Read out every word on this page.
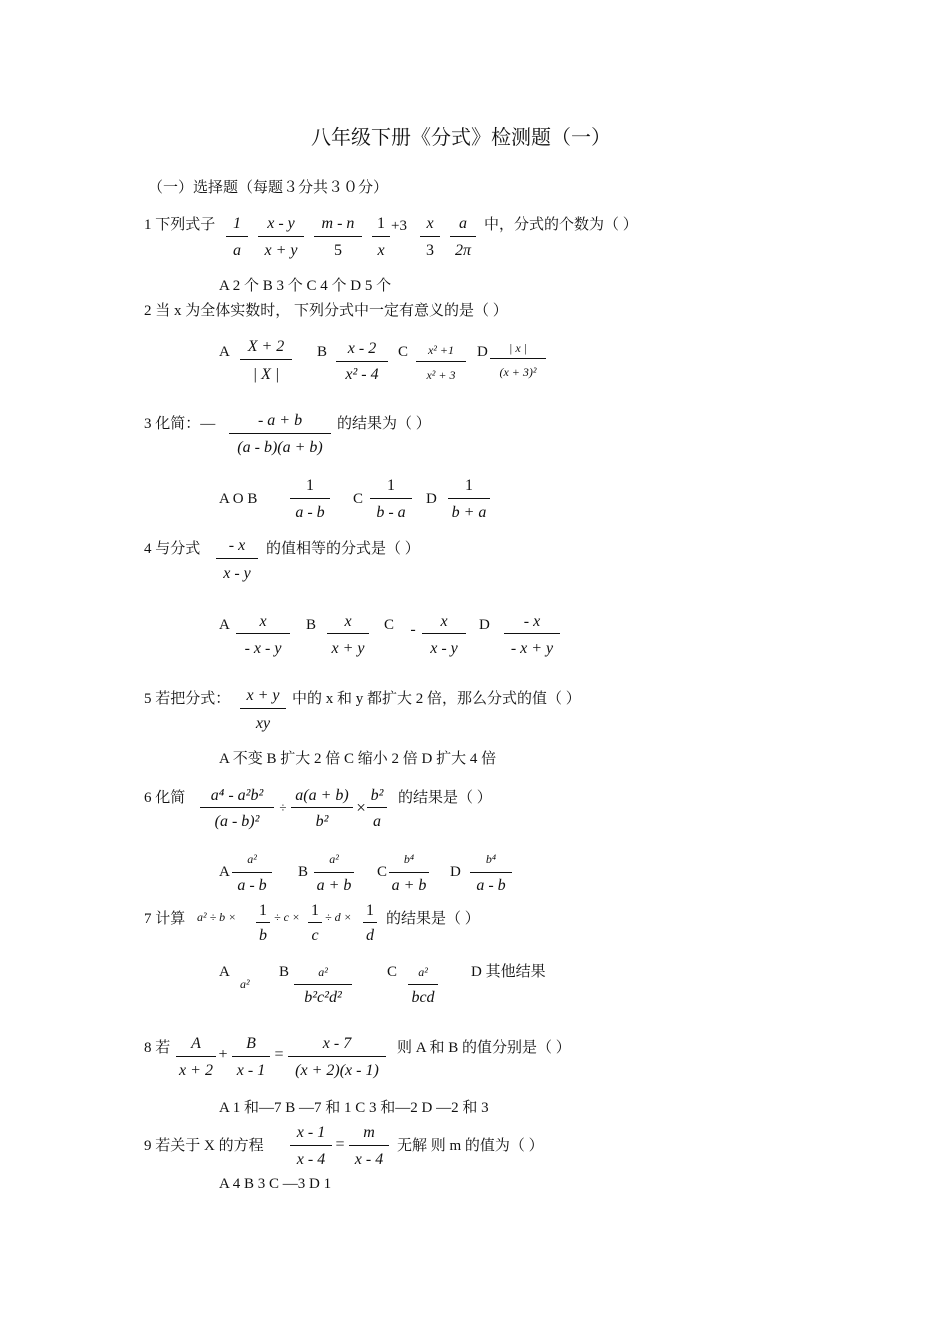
八年级下册《分式》检测题（一）
（一）选择题（每题３分共３０分）
1 下列式子	1
a
x - y
x + y
m - n
5
1
x
+3	x
3
a
2π
中，分式的个数为（ ）
A 2 个 B 3 个 C 4 个 D 5 个
2 当 x 为全体实数时， 下列分式中一定有意义的是（ ）
A	X + 2
| X |
B	x - 2
x² - 4
C	x² +1
x² + 3
D	| x |
(x + 3)²
3 化简：—	- a + b
(a - b)(a + b)
的结果为（ ）
A O B
1
a - b
C
1
b - a
D
1
b + a
4 与分式	- x
x - y
的值相等的分式是（ ）
A	x
- x - y
B	x
x + y
C -	x
x - y
D	- x
- x + y
5 若把分式：	x + y
xy
中的 x 和 y 都扩大 2 倍，那么分式的值（ ）
A 不变 B 扩大 2 倍 C 缩小 2 倍 D 扩大 4 倍
6 化简	a⁴ - a²b²
(a - b)²
÷
a(a + b)
b²
×
b²
a
的结果是（ ）
A
a²
a - b
B
a²
a + b
C
b⁴
a + b
D
b⁴
a - b
7 计算 a² ÷ b × 1
b
÷ c × 1
c
÷ d × 1
d
的结果是（ ）
A
a²
B	a²
b²c²d²
C	a²
bcd
D 其他结果
8 若	A
x + 2
+
B
x - 1
=
x - 7
(x + 2)(x - 1)
则 A 和 B 的值分别是（ ）
A 1 和—7 B —7 和 1 C 3 和—2 D —2 和 3
9 若关于 X 的方程
x - 1
x - 4
=
m
x - 4
无解 则 m 的值为（ ）
A 4 B 3 C —3 D 1
